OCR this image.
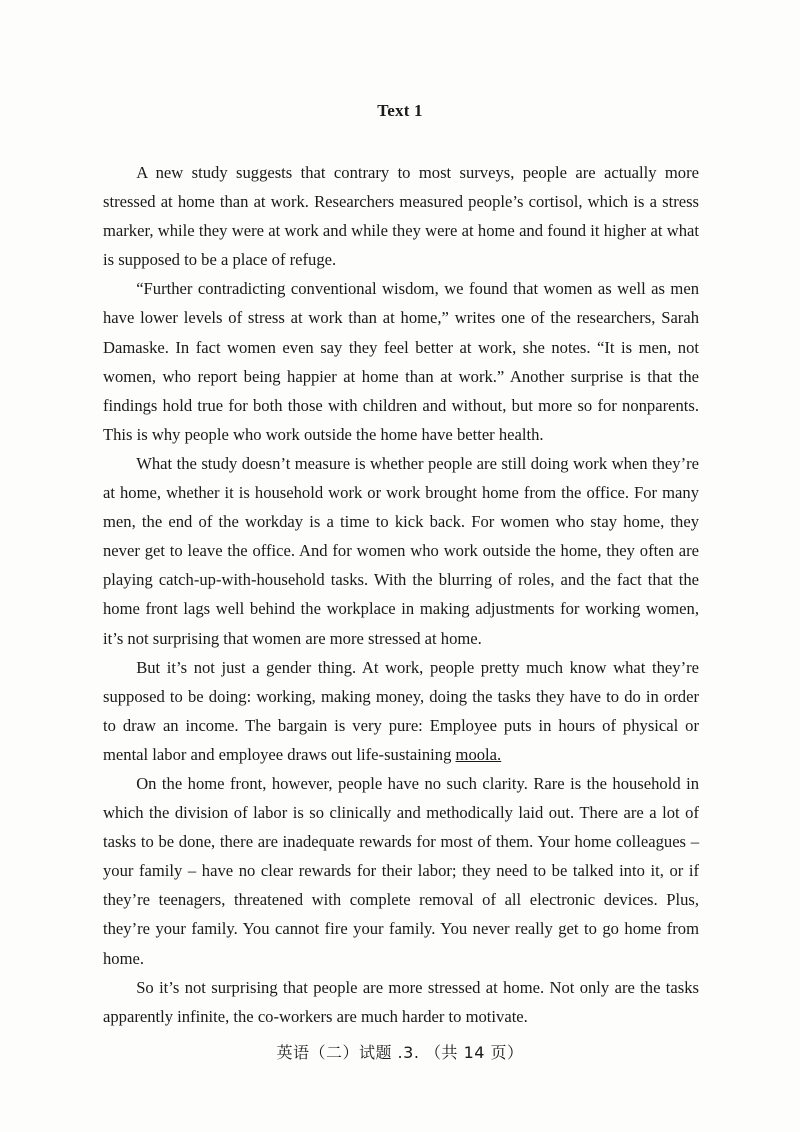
Text 1

A new study suggests that contrary to most surveys, people are actually more stressed at home than at work. Researchers measured people’s cortisol, which is a stress marker, while they were at work and while they were at home and found it higher at what is supposed to be a place of refuge.

“Further contradicting conventional wisdom, we found that women as well as men have lower levels of stress at work than at home,” writes one of the researchers, Sarah Damaske. In fact women even say they feel better at work, she notes. “It is men, not women, who report being happier at home than at work.” Another surprise is that the findings hold true for both those with children and without, but more so for nonparents. This is why people who work outside the home have better health.

What the study doesn’t measure is whether people are still doing work when they’re at home, whether it is household work or work brought home from the office. For many men, the end of the workday is a time to kick back. For women who stay home, they never get to leave the office. And for women who work outside the home, they often are playing catch-up-with-household tasks. With the blurring of roles, and the fact that the home front lags well behind the workplace in making adjustments for working women, it’s not surprising that women are more stressed at home.

But it’s not just a gender thing. At work, people pretty much know what they’re supposed to be doing: working, making money, doing the tasks they have to do in order to draw an income. The bargain is very pure: Employee puts in hours of physical or mental labor and employee draws out life-sustaining moola.

On the home front, however, people have no such clarity. Rare is the household in which the division of labor is so clinically and methodically laid out. There are a lot of tasks to be done, there are inadequate rewards for most of them. Your home colleagues – your family – have no clear rewards for their labor; they need to be talked into it, or if they’re teenagers, threatened with complete removal of all electronic devices. Plus, they’re your family. You cannot fire your family. You never really get to go home from home.

So it’s not surprising that people are more stressed at home. Not only are the tasks apparently infinite, the co-workers are much harder to motivate.

英语（二）试题 .3. （共 14 页）
